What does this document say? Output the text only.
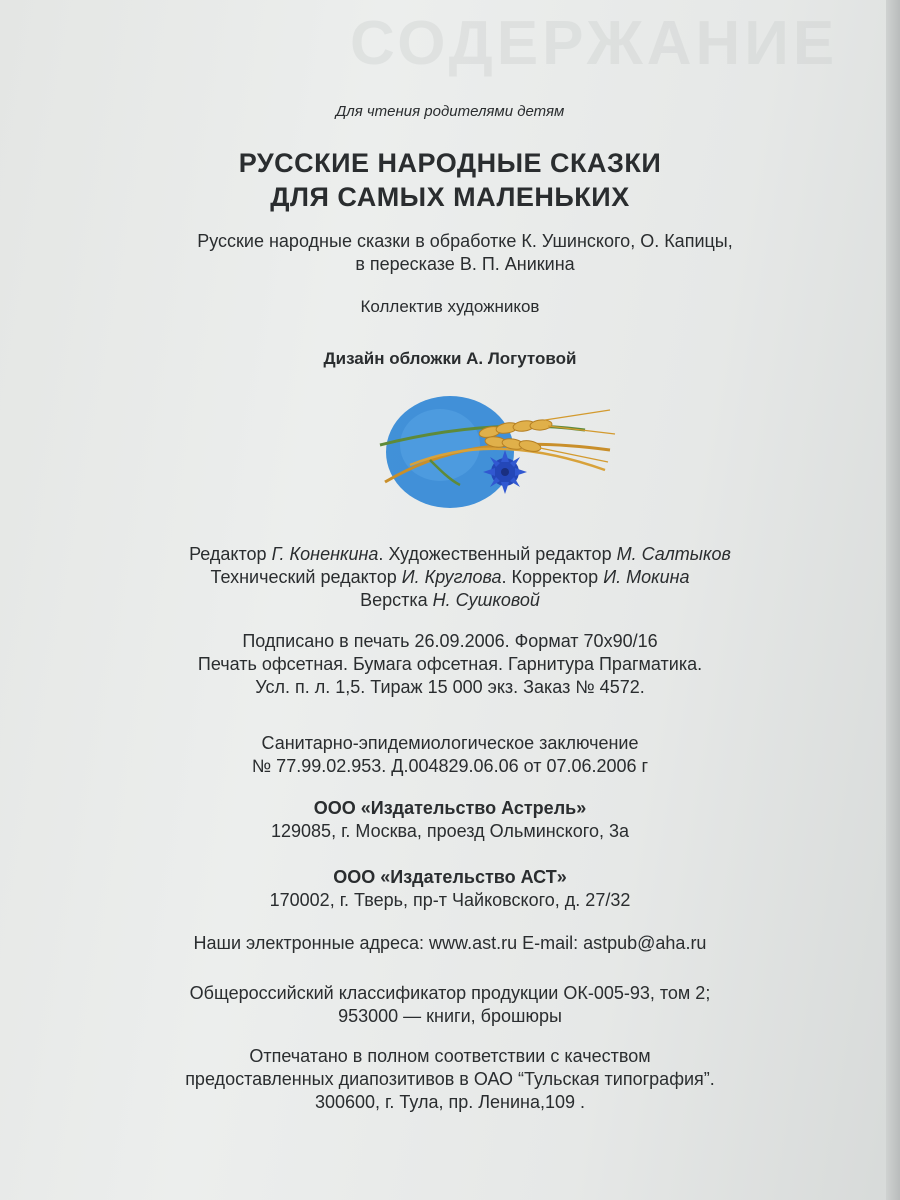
СОДЕРЖАНИЕ
Для чтения родителями детям
РУССКИЕ НАРОДНЫЕ СКАЗКИ
ДЛЯ САМЫХ МАЛЕНЬКИХ
Русские народные сказки в обработке К. Ушинского, О. Капицы,
в пересказе В. П. Аникина
Коллектив художников
Дизайн обложки А. Логутовой
Редактор Г. Коненкина. Художественный редактор М. Салтыков
Технический редактор И. Круглова. Корректор И. Мокина
Верстка Н. Сушковой
Подписано в печать 26.09.2006. Формат 70х90/16
Печать офсетная. Бумага офсетная. Гарнитура Прагматика.
Усл. п. л. 1,5. Тираж 15 000 экз. Заказ № 4572.
Санитарно-эпидемиологическое заключение
№ 77.99.02.953. Д.004829.06.06 от 07.06.2006 г
ООО «Издательство Астрель»
129085, г. Москва, проезд Ольминского, 3а
ООО «Издательство АСТ»
170002, г. Тверь, пр-т Чайковского, д. 27/32
Наши электронные адреса: www.ast.ru E-mail: astpub@aha.ru
Общероссийский классификатор продукции ОК-005-93, том 2;
953000 — книги, брошюры
Отпечатано в полном соответствии с качеством
предоставленных диапозитивов в ОАО “Тульская типография”.
300600, г. Тула, пр. Ленина,109 .
